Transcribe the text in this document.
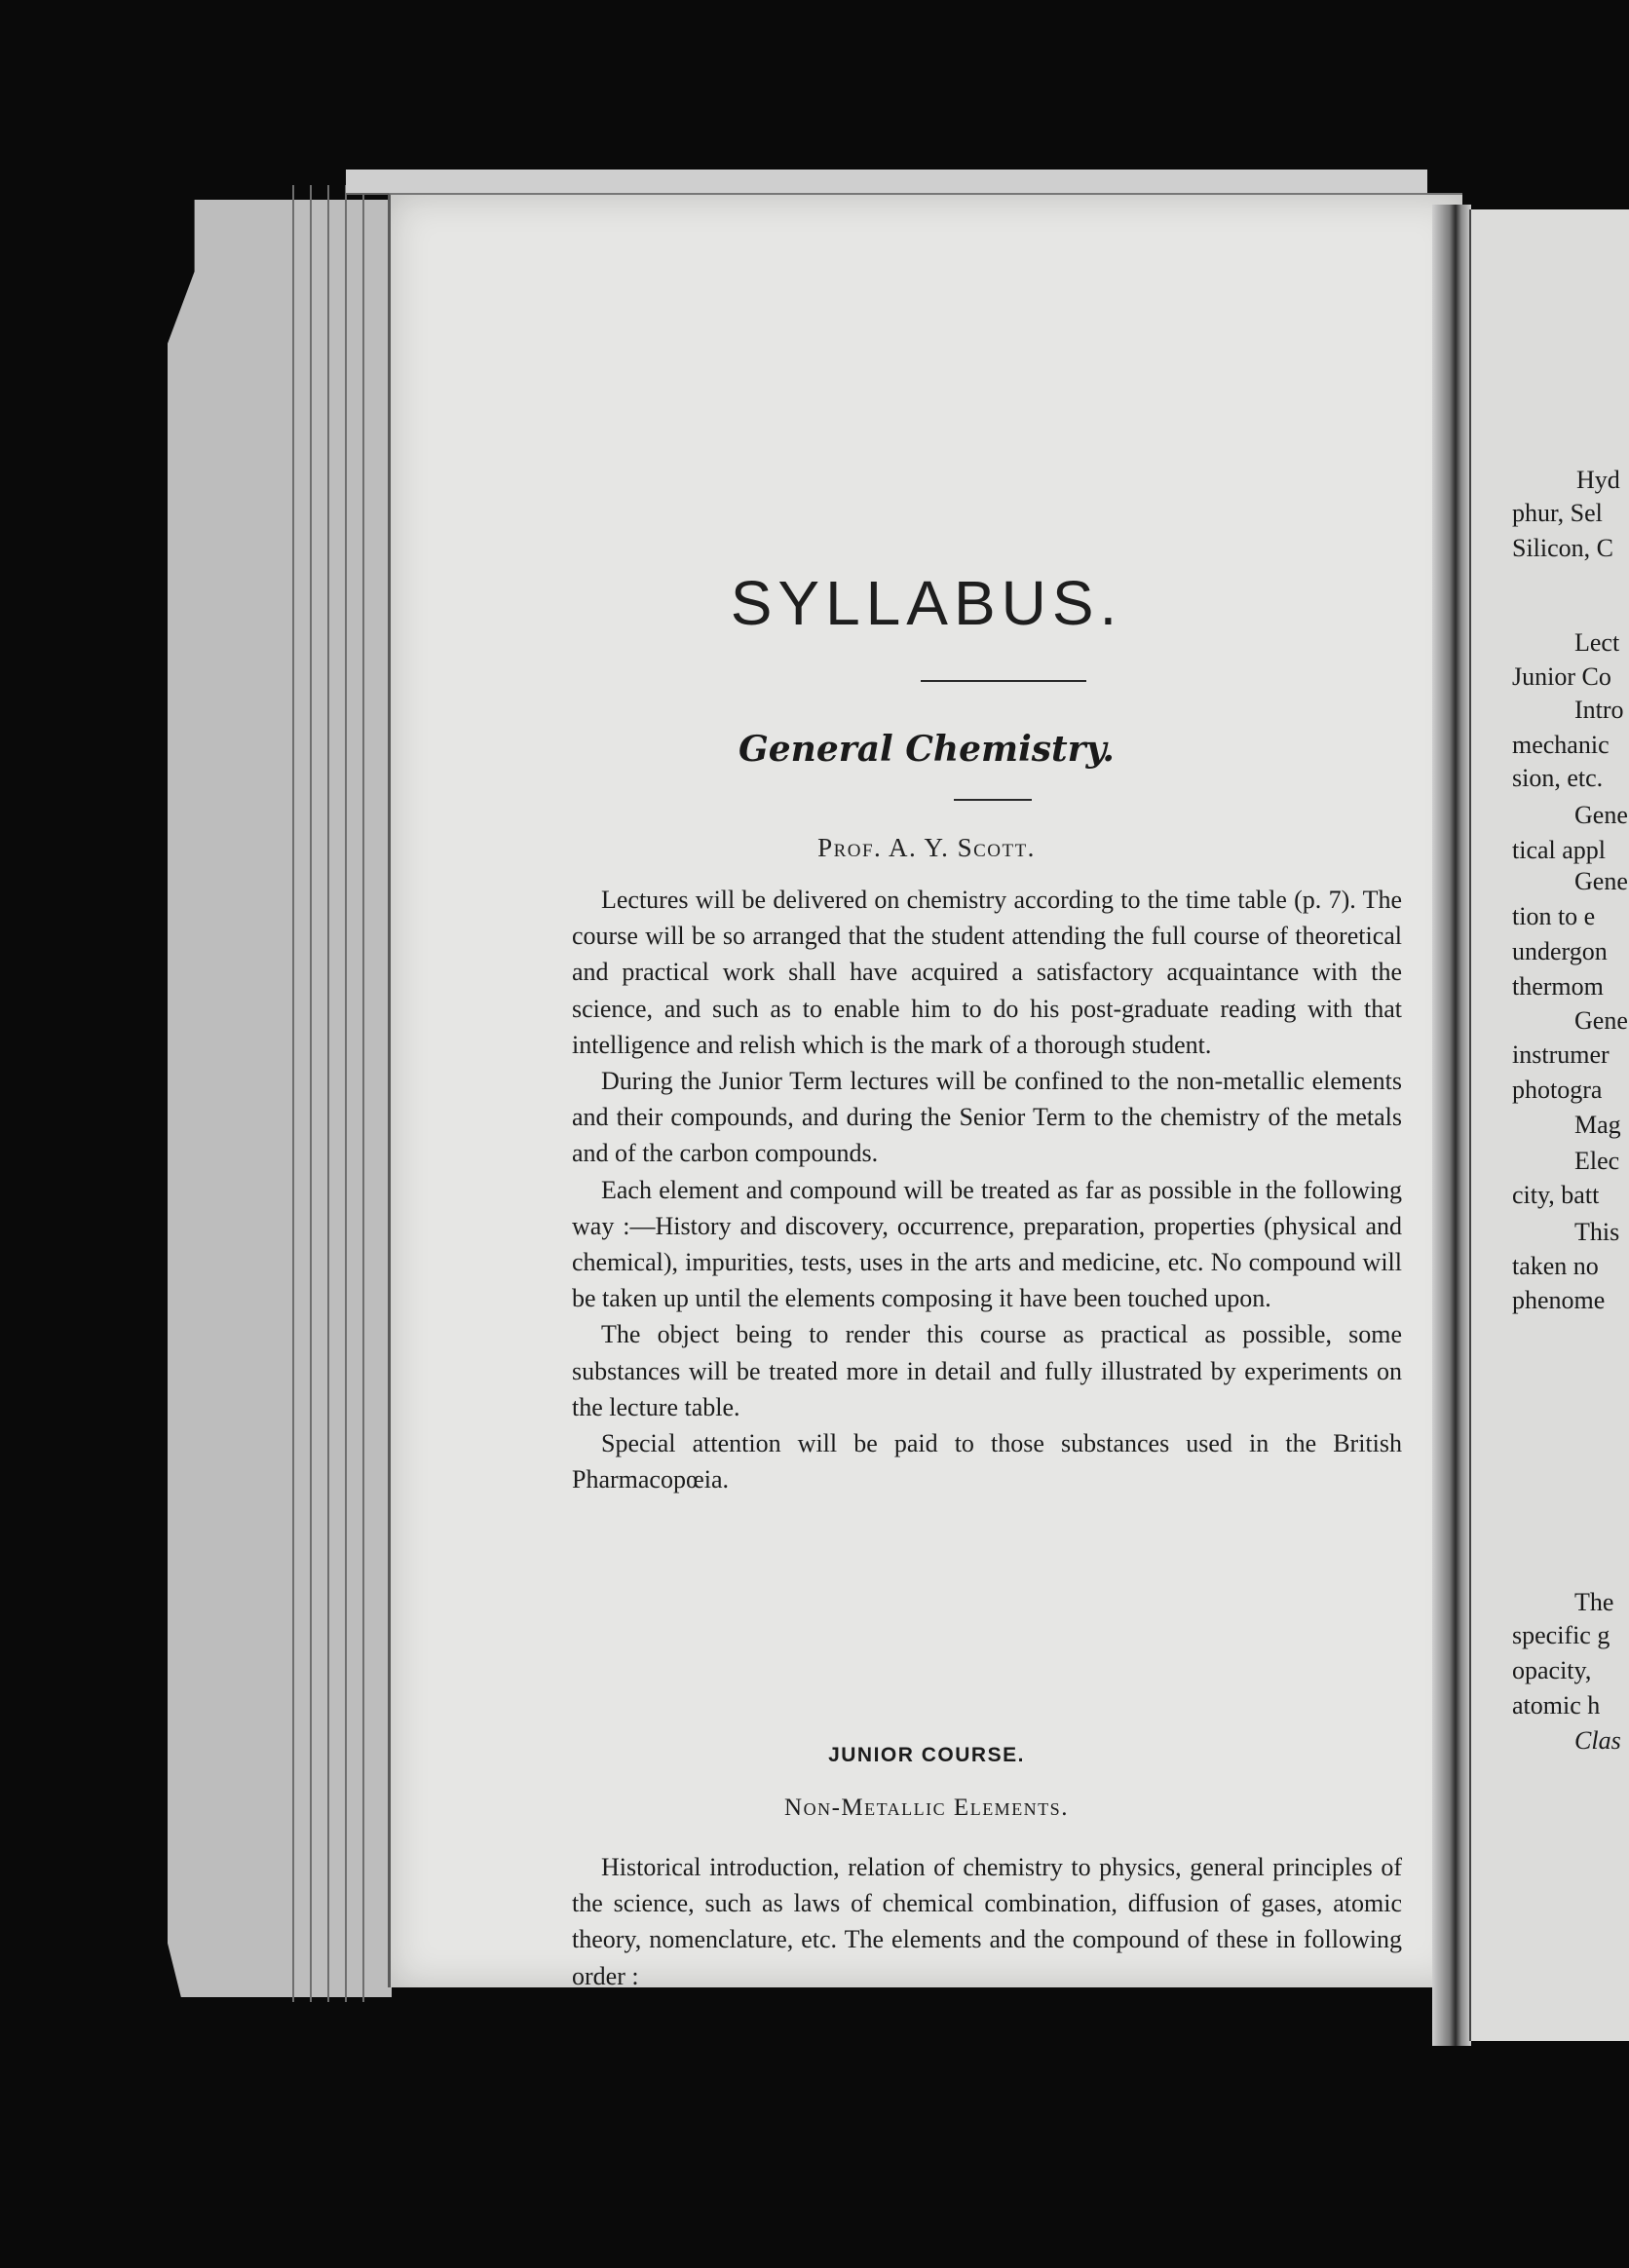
SYLLABUS.
General Chemistry.
Prof. A. Y. Scott.

Lectures will be delivered on chemistry according to the time table (p. 7). The course will be so arranged that the student attending the full course of theoretical and practical work shall have acquired a satisfactory acquaintance with the science, and such as to enable him to do his post-graduate reading with that intelligence and relish which is the mark of a thorough student.

During the Junior Term lectures will be confined to the non-metallic elements and their compounds, and during the Senior Term to the chemistry of the metals and of the carbon compounds.

Each element and compound will be treated as far as possible in the following way :—History and discovery, occurrence, preparation, properties (physical and chemical), impurities, tests, uses in the arts and medicine, etc. No compound will be taken up until the elements composing it have been touched upon.

The object being to render this course as practical as possible, some substances will be treated more in detail and fully illustrated by experiments on the lecture table.

Special attention will be paid to those substances used in the British Pharmacopœia.

JUNIOR COURSE.
Non-Metallic Elements.

Historical introduction, relation of chemistry to physics, general principles of the science, such as laws of chemical combination, diffusion of gases, atomic theory, nomenclature, etc. The elements and the compound of these in following order :

Hyd
phur, Sel
Silicon, C
Lect
Junior Co
Intro
mechanic
sion, etc.
Gene
tical appl
Gene
tion to e
undergon
thermom
Gene
instrumer
photogra
Mag
Elec
city, batt
This
taken no
phenome
The
specific g
opacity,
atomic h
Clas
